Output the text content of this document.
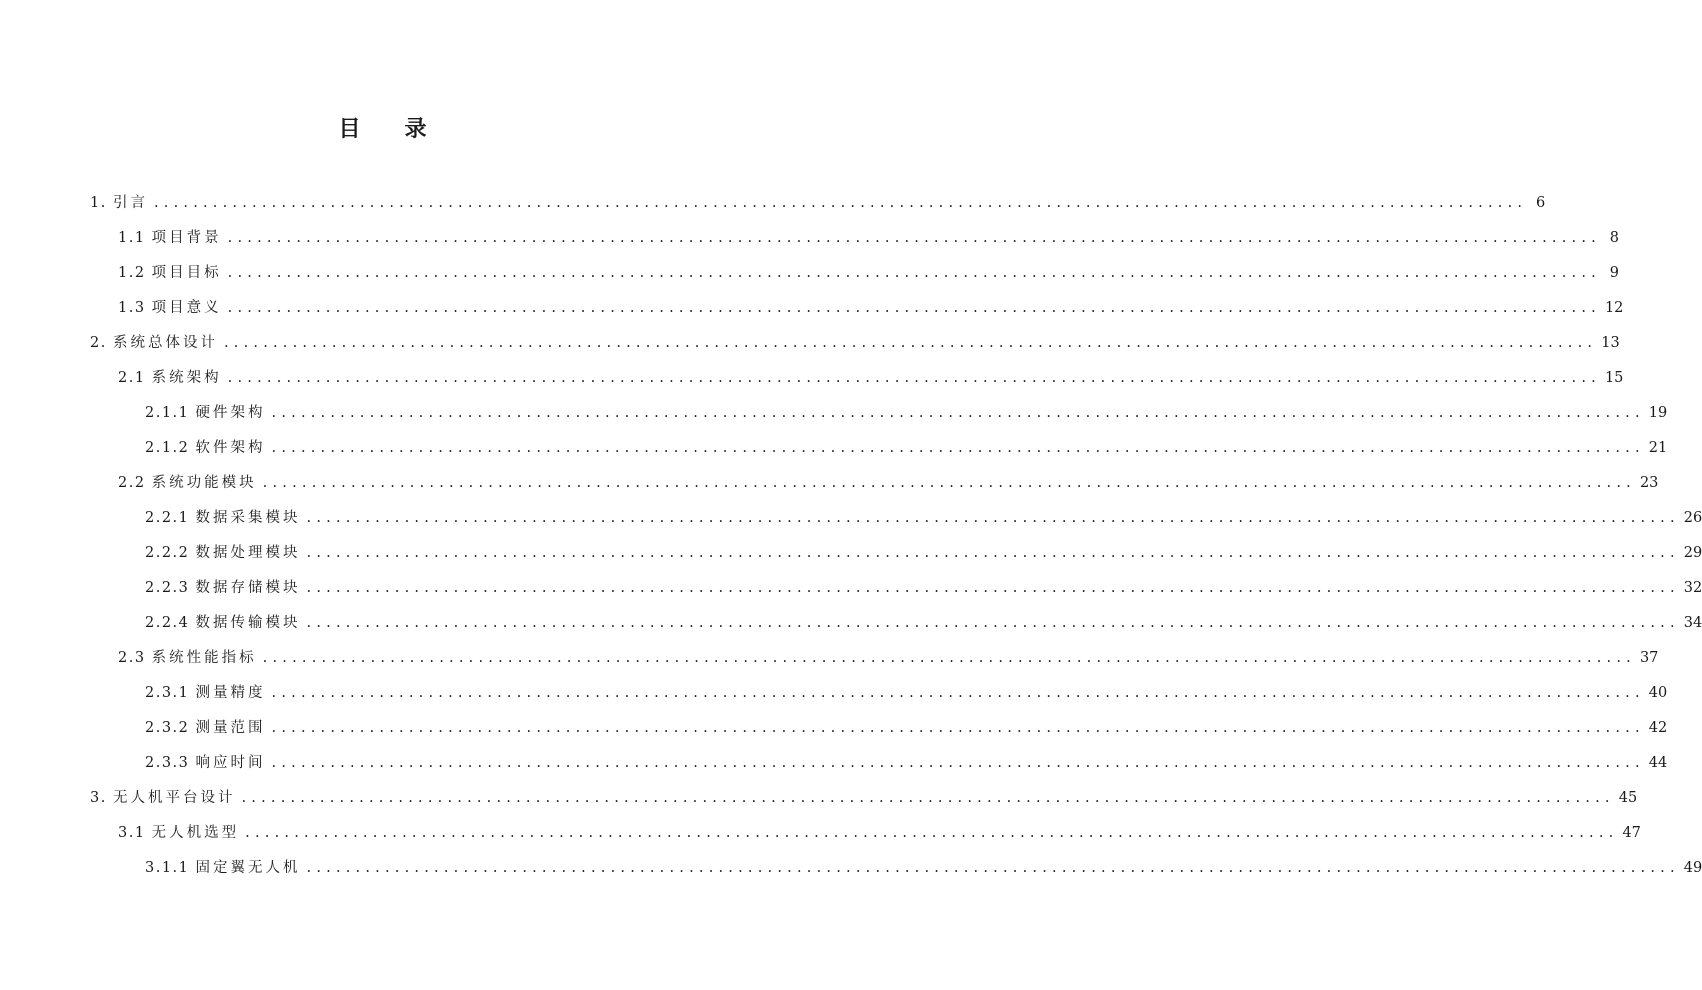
目　　录
1. 引言 ............................................................................................................................................ 6
1.1 项目背景 ............................................................................................................................................ 8
1.2 项目目标 ............................................................................................................................................ 9
1.3 项目意义 ............................................................................................................................................ 12
2. 系统总体设计 ............................................................................................................................................ 13
2.1 系统架构 ............................................................................................................................................ 15
2.1.1 硬件架构 ............................................................................................................................................ 19
2.1.2 软件架构 ............................................................................................................................................ 21
2.2 系统功能模块 ............................................................................................................................................ 23
2.2.1 数据采集模块 ............................................................................................................................................ 26
2.2.2 数据处理模块 ............................................................................................................................................ 29
2.2.3 数据存储模块 ............................................................................................................................................ 32
2.2.4 数据传输模块 ............................................................................................................................................ 34
2.3 系统性能指标 ............................................................................................................................................ 37
2.3.1 测量精度 ............................................................................................................................................ 40
2.3.2 测量范围 ............................................................................................................................................ 42
2.3.3 响应时间 ............................................................................................................................................ 44
3. 无人机平台设计 ............................................................................................................................................ 45
3.1 无人机选型 ............................................................................................................................................ 47
3.1.1 固定翼无人机 ............................................................................................................................................ 49
